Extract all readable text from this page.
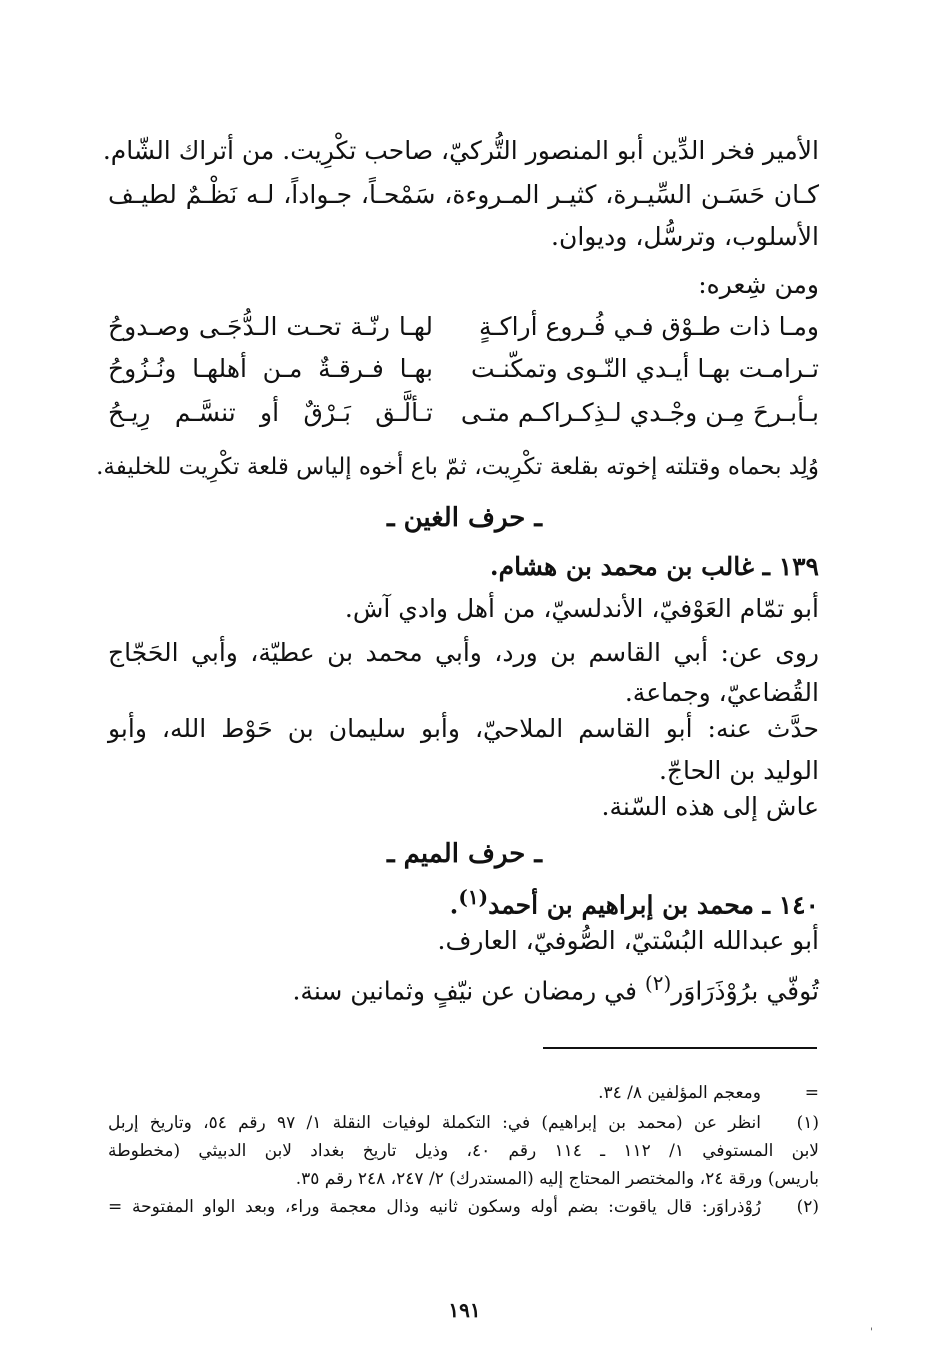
الأمير فخر الدِّين أبو المنصور التُّركيّ، صاحب تكْرِيت. من أتراك الشّام.
كـان حَسَـن السِّيـرة، كثيـر المـروءة، سَمْحـاً، جـواداً، لـه نَظْـمٌ لطيـف
الأسلوب، وترسُّل، وديوان.
ومن شِعره:
ومـا ذات طـوْق فـي فُـروع أراكـةٍ
لهـا رنّـة تحـت الـدُّجَـى وصـدوحُ
تـرامـت بهـا أيـدي النّـوى وتمكّنـت
بهـا فـرقـةٌ مـن أهلهـا ونُـزُوحُ
بـأبـرحَ مِـن وجْـدي لـذِكـراكـم متـى
تـألَّـق بَـرْقٌ أو تنسَّـم رِيـحُ
وُلِد بحماه وقتلته إخوته بقلعة تكْرِيت، ثمّ باع أخوه إلياس قلعة تكْرِيت للخليفة.
ـ حرف الغين ـ
١٣٩ ـ غالب بن محمد بن هشام.
أبو تمّام العَوْفيّ، الأندلسيّ، من أهل وادي آش.
روى عن: أبي القاسم بن ورد، وأبي محمد بن عطيّة، وأبي الحَجّاج
القُضاعيّ، وجماعة.
حدَّث عنه: أبو القاسم الملاحيّ، وأبو سليمان بن حَوْط الله، وأبو
الوليد بن الحاجّ.
عاش إلى هذه السّنة.
ـ حرف الميم ـ
١٤٠ ـ محمد بن إبراهيم بن أحمد$^{(١)}$.
أبو عبدالله البُسْتيّ، الصُّوفيّ، العارف.
تُوفّي برُوْذَرَاوَر$^{(٢)}$ في رمضان عن نيّفٍ وثمانين سنة.
=
ومعجم المؤلفين ٨/ ٣٤.
(١)
انظر عن (محمد بن إبراهيم) في: التكملة لوفيات النقلة ١/ ٩٧ رقم ٥٤، وتاريخ إربل
لابن المستوفي ١/ ١١٢ ـ ١١٤ رقم ٤٠، وذيل تاريخ بغداد لابن الدبيثي (مخطوطة
باريس) ورقة ٢٤، والمختصر المحتاج إليه (المستدرك) ٢/ ٢٤٧، ٢٤٨ رقم ٣٥.
(٢)
رُوْذراوَر: قال ياقوت: بضم أوله وسكون ثانيه وذال معجمة وراء، وبعد الواو المفتوحة =
١٩١
'
